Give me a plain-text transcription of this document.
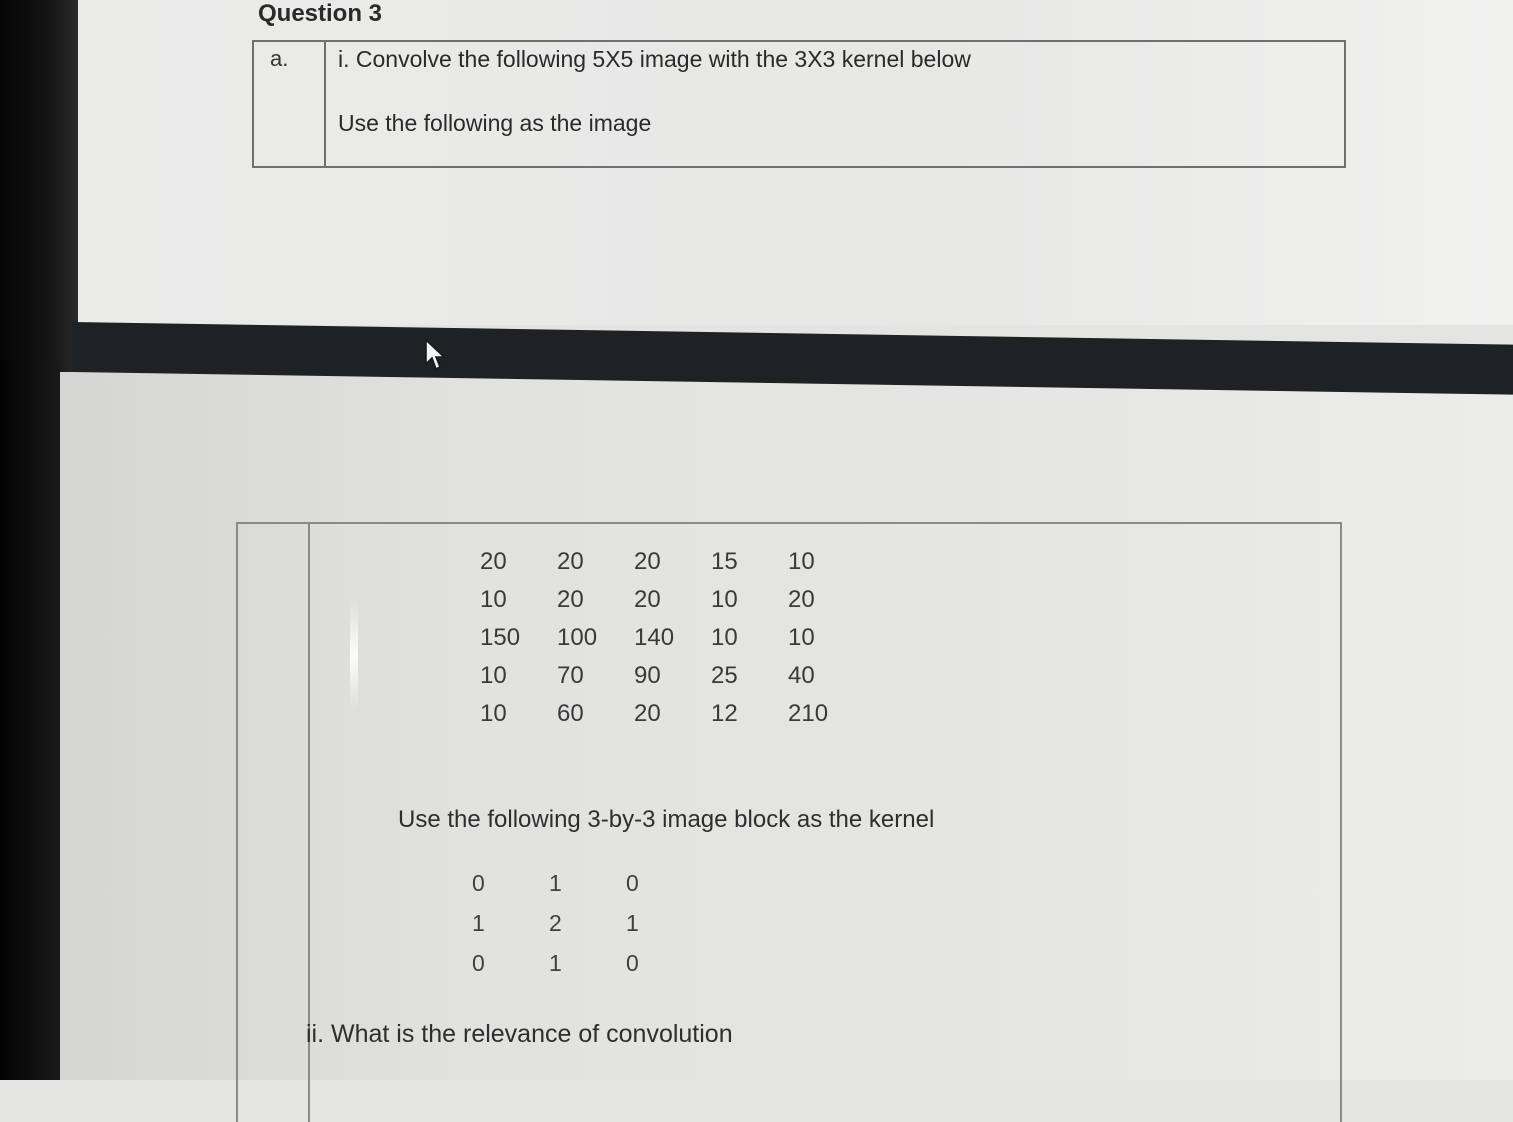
Question 3
a. i. Convolve the following 5X5 image with the 3X3 kernel below
Use the following as the image
20	20	20	15	10
10	20	20	10	20
150	100	140	10	10
10	70	90	25	40
10	60	20	12	210
Use the following 3-by-3 image block as the kernel
0	1	0
1	2	1
0	1	0
ii. What is the relevance of convolution
